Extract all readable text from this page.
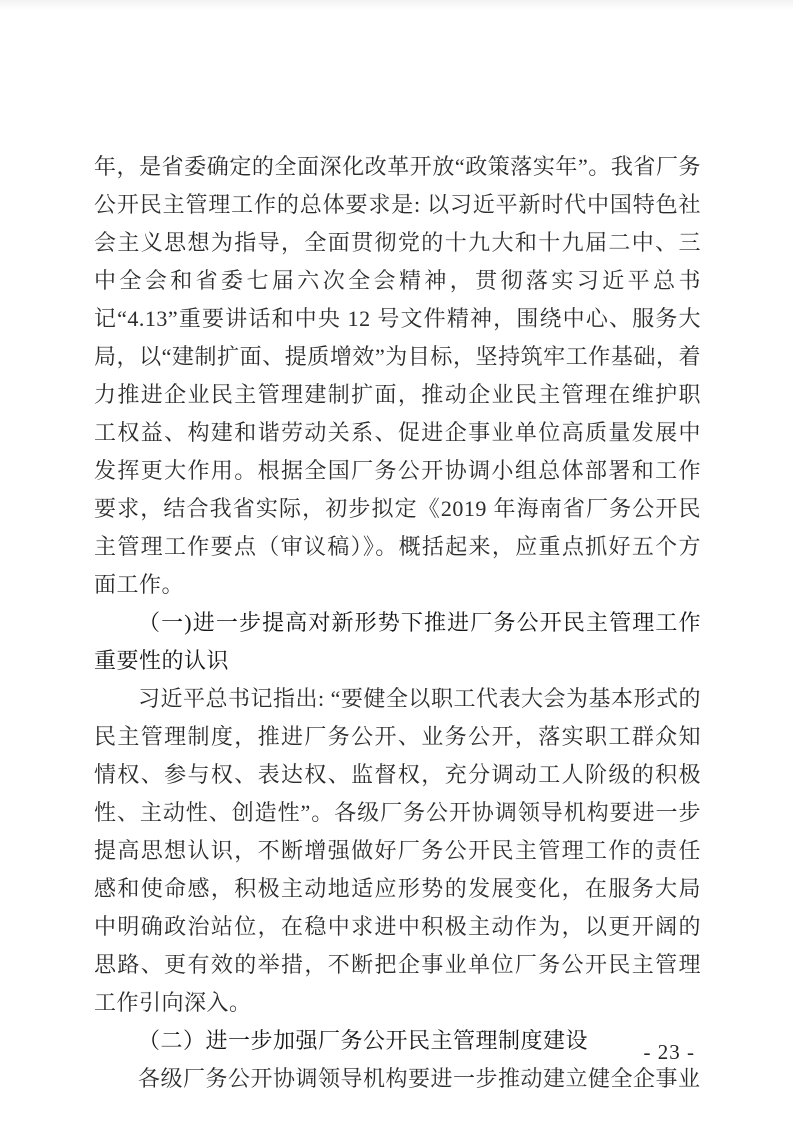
年，是省委确定的全面深化改革开放“政策落实年”。我省厂务公开民主管理工作的总体要求是: 以习近平新时代中国特色社会主义思想为指导，全面贯彻党的十九大和十九届二中、三中全会和省委七届六次全会精神，贯彻落实习近平总书记“4.13”重要讲话和中央 12 号文件精神，围绕中心、服务大局，以“建制扩面、提质增效”为目标，坚持筑牢工作基础，着力推进企业民主管理建制扩面，推动企业民主管理在维护职工权益、构建和谐劳动关系、促进企事业单位高质量发展中发挥更大作用。根据全国厂务公开协调小组总体部署和工作要求，结合我省实际，初步拟定《2019 年海南省厂务公开民主管理工作要点（审议稿）》。概括起来，应重点抓好五个方面工作。

（一)进一步提高对新形势下推进厂务公开民主管理工作重要性的认识

习近平总书记指出: “要健全以职工代表大会为基本形式的民主管理制度，推进厂务公开、业务公开，落实职工群众知情权、参与权、表达权、监督权，充分调动工人阶级的积极性、主动性、创造性”。各级厂务公开协调领导机构要进一步提高思想认识，不断增强做好厂务公开民主管理工作的责任感和使命感，积极主动地适应形势的发展变化，在服务大局中明确政治站位，在稳中求进中积极主动作为，以更开阔的思路、更有效的举措，不断把企事业单位厂务公开民主管理工作引向深入。

（二）进一步加强厂务公开民主管理制度建设

各级厂务公开协调领导机构要进一步推动建立健全企事业

- 23 -
